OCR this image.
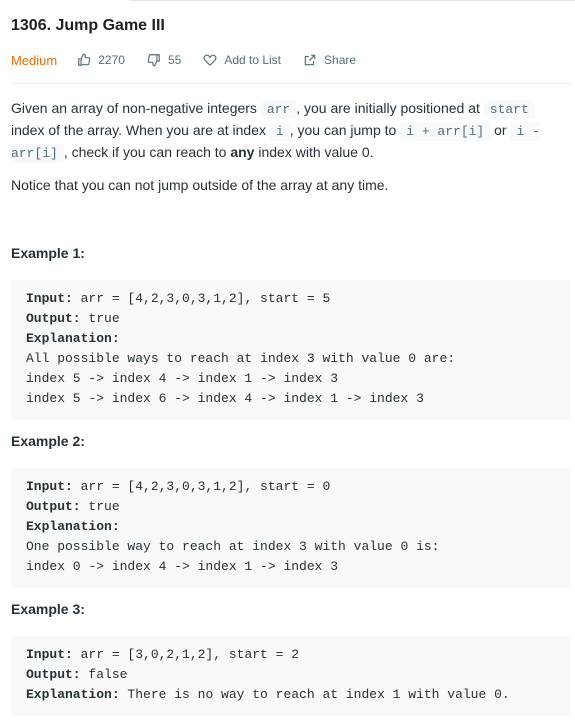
1306. Jump Game III
Medium	2270	55	Add to List	Share

Given an array of non-negative integers arr , you are initially positioned at start index of the array. When you are at index i , you can jump to i + arr[i] or i - arr[i] , check if you can reach to any index with value 0.

Notice that you can not jump outside of the array at any time.
Example 1:
Input: arr = [4,2,3,0,3,1,2], start = 5
Output: true
Explanation:
All possible ways to reach at index 3 with value 0 are:
index 5 -> index 4 -> index 1 -> index 3
index 5 -> index 6 -> index 4 -> index 1 -> index 3
Example 2:
Input: arr = [4,2,3,0,3,1,2], start = 0
Output: true
Explanation:
One possible way to reach at index 3 with value 0 is:
index 0 -> index 4 -> index 1 -> index 3
Example 3:
Input: arr = [3,0,2,1,2], start = 2
Output: false
Explanation: There is no way to reach at index 1 with value 0.
